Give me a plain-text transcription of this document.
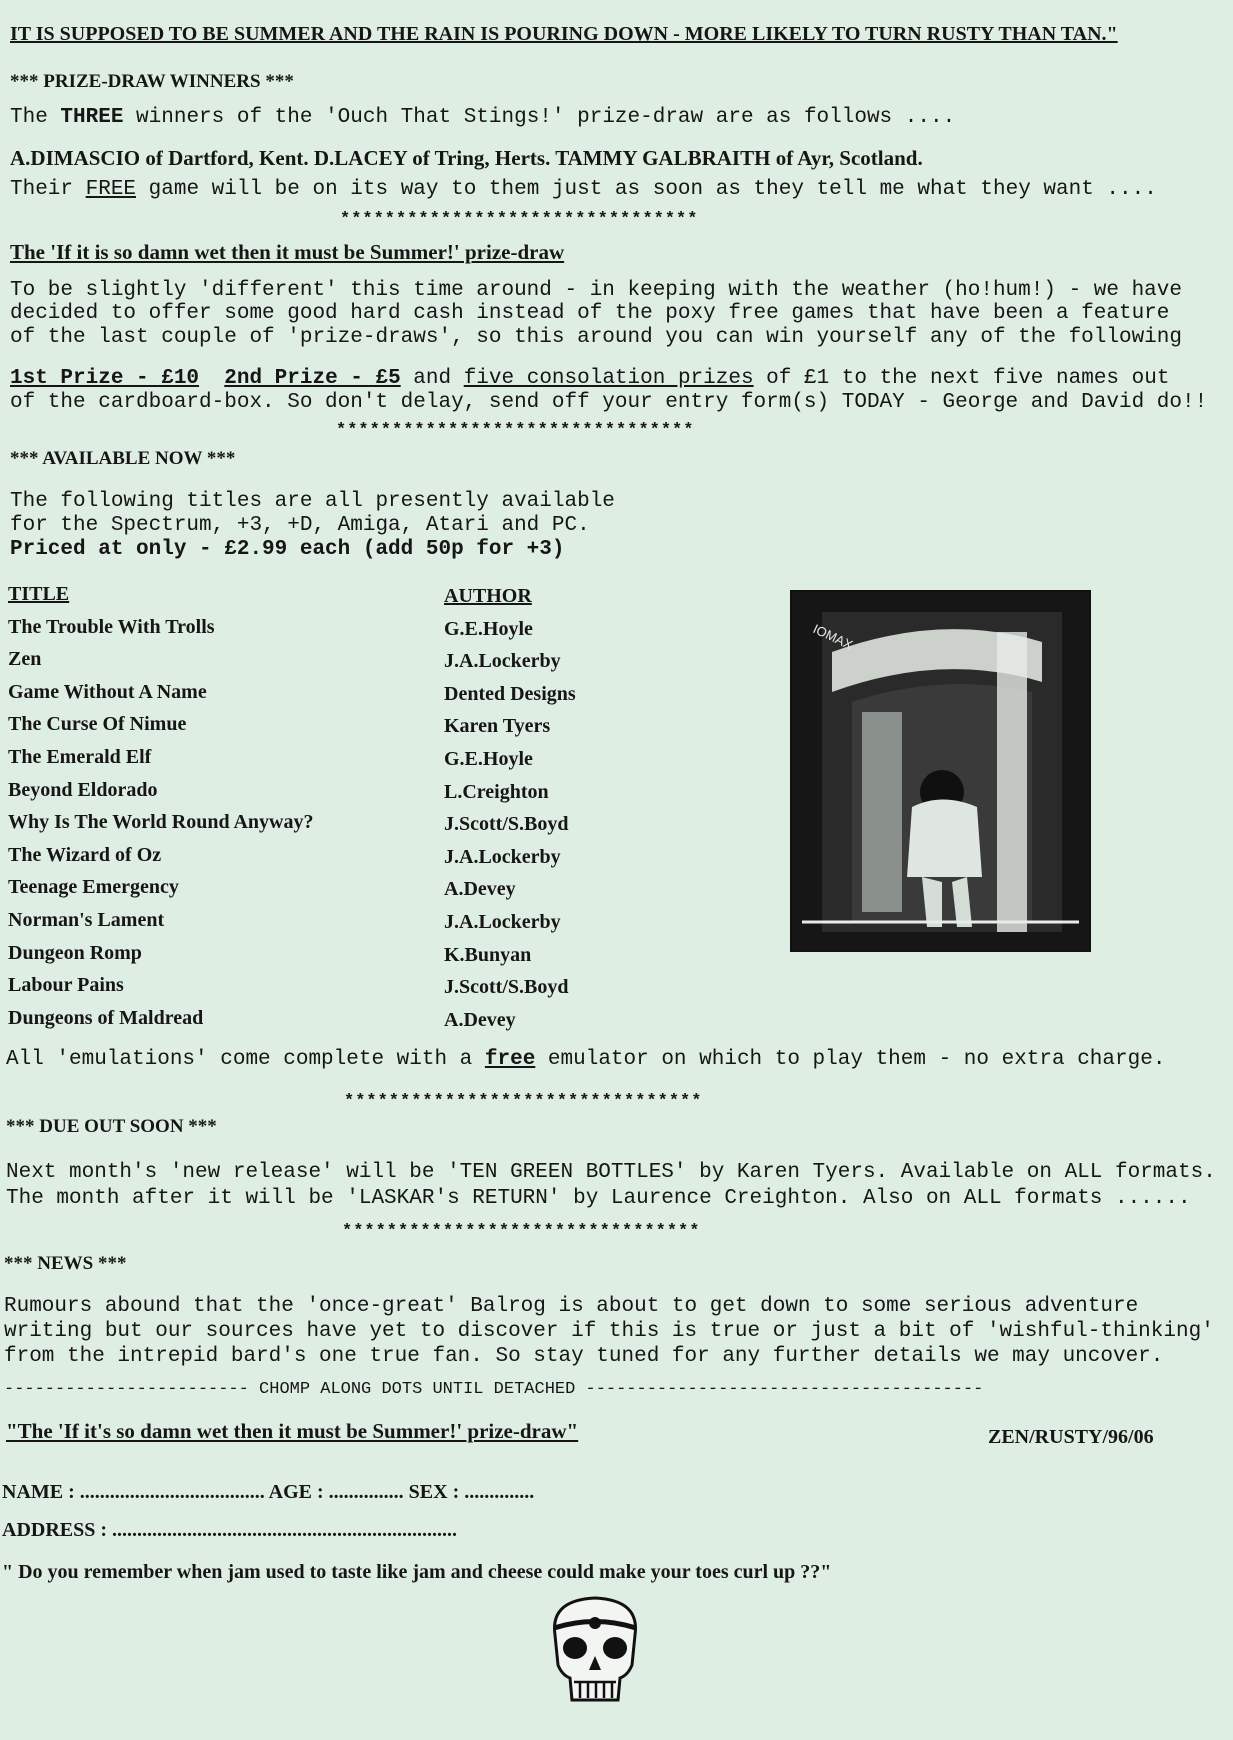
IT IS SUPPOSED TO BE SUMMER AND THE RAIN IS POURING DOWN - MORE LIKELY TO TURN RUSTY THAN TAN."
*** PRIZE-DRAW WINNERS ***
The THREE winners of the 'Ouch That Stings!' prize-draw are as follows ....
A.DIMASCIO of Dartford, Kent. D.LACEY of Tring, Herts. TAMMY GALBRAITH of Ayr, Scotland.
Their FREE game will be on its way to them just as soon as they tell me what they want ....
********************************
The 'If it is so damn wet then it must be Summer!' prize-draw
To be slightly 'different' this time around - in keeping with the weather (ho!hum!) - we have
decided to offer some good hard cash instead of the poxy free games that have been a feature
of the last couple of 'prize-draws', so this around you can win yourself any of the following
1st Prize - £10 2nd Prize - £5 and five consolation prizes of £1 to the next five names out
of the cardboard-box. So don't delay, send off your entry form(s) TODAY - George and David do!!
********************************
*** AVAILABLE NOW ***
The following titles are all presently available
for the Spectrum, +3, +D, Amiga, Atari and PC.
Priced at only - £2.99 each (add 50p for +3)
TITLE
The Trouble With Trolls
Zen
Game Without A Name
The Curse Of Nimue
The Emerald Elf
Beyond Eldorado
Why Is The World Round Anyway?
The Wizard of Oz
Teenage Emergency
Norman's Lament
Dungeon Romp
Labour Pains
Dungeons of Maldread
AUTHOR
G.E.Hoyle
J.A.Lockerby
Dented Designs
Karen Tyers
G.E.Hoyle
L.Creighton
J.Scott/S.Boyd
J.A.Lockerby
A.Devey
J.A.Lockerby
K.Bunyan
J.Scott/S.Boyd
A.Devey
IOMAX
All 'emulations' come complete with a free emulator on which to play them - no extra charge.
********************************
*** DUE OUT SOON ***
Next month's 'new release' will be 'TEN GREEN BOTTLES' by Karen Tyers. Available on ALL formats.
The month after it will be 'LASKAR's RETURN' by Laurence Creighton. Also on ALL formats ......
********************************
*** NEWS ***
Rumours abound that the 'once-great' Balrog is about to get down to some serious adventure
writing but our sources have yet to discover if this is true or just a bit of 'wishful-thinking'
from the intrepid bard's one true fan. So stay tuned for any further details we may uncover.
------------------------ CHOMP ALONG DOTS UNTIL DETACHED ---------------------------------------
"The 'If it's so damn wet then it must be Summer!' prize-draw"	ZEN/RUSTY/96/06
NAME : ..................................... AGE : ............... SEX : ..............
ADDRESS : .....................................................................
" Do you remember when jam used to taste like jam and cheese could make your toes curl up ??"
